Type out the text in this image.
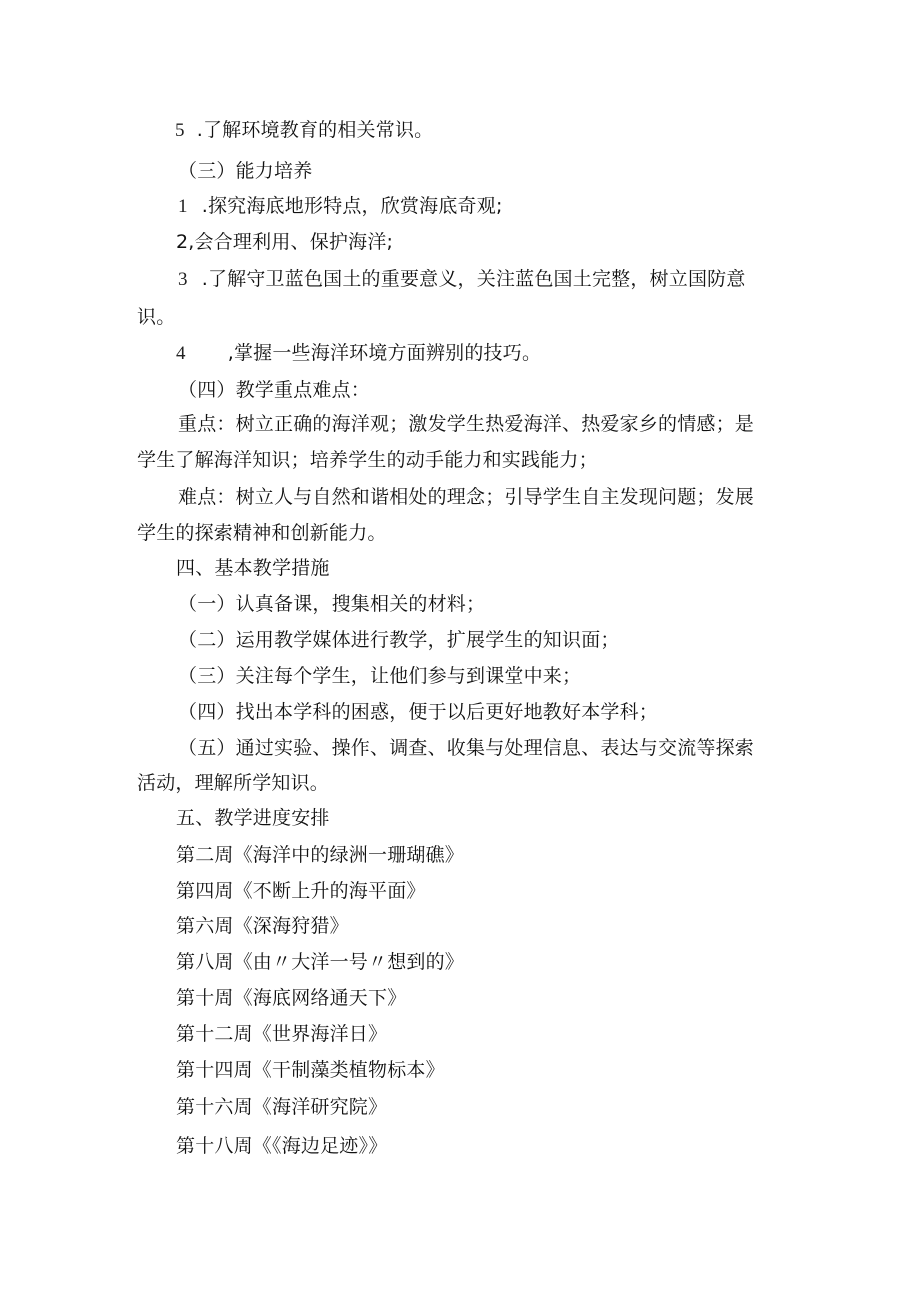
5 .了解环境教育的相关常识。
（三）能力培养
1 .探究海底地形特点，欣赏海底奇观;
2,会合理利用、保护海洋;
3 .了解守卫蓝色国土的重要意义，关注蓝色国土完整，树立国防意
识。
4 ,掌握一些海洋环境方面辨别的技巧。
（四）教学重点难点：
重点：树立正确的海洋观；激发学生热爱海洋、热爱家乡的情感；是
学生了解海洋知识；培养学生的动手能力和实践能力；
难点：树立人与自然和谐相处的理念；引导学生自主发现问题；发展
学生的探索精神和创新能力。
四、基本教学措施
（一）认真备课，搜集相关的材料；
（二）运用教学媒体进行教学，扩展学生的知识面；
（三）关注每个学生，让他们参与到课堂中来；
（四）找出本学科的困惑，便于以后更好地教好本学科；
（五）通过实验、操作、调查、收集与处理信息、表达与交流等探索
活动，理解所学知识。
五、教学进度安排
第二周《海洋中的绿洲一珊瑚礁》
第四周《不断上升的海平面》
第六周《深海狩猎》
第八周《由〃大洋一号〃想到的》
第十周《海底网络通天下》
第十二周《世界海洋日》
第十四周《干制藻类植物标本》
第十六周《海洋研究院》
第十八周《《海边足迹》》
